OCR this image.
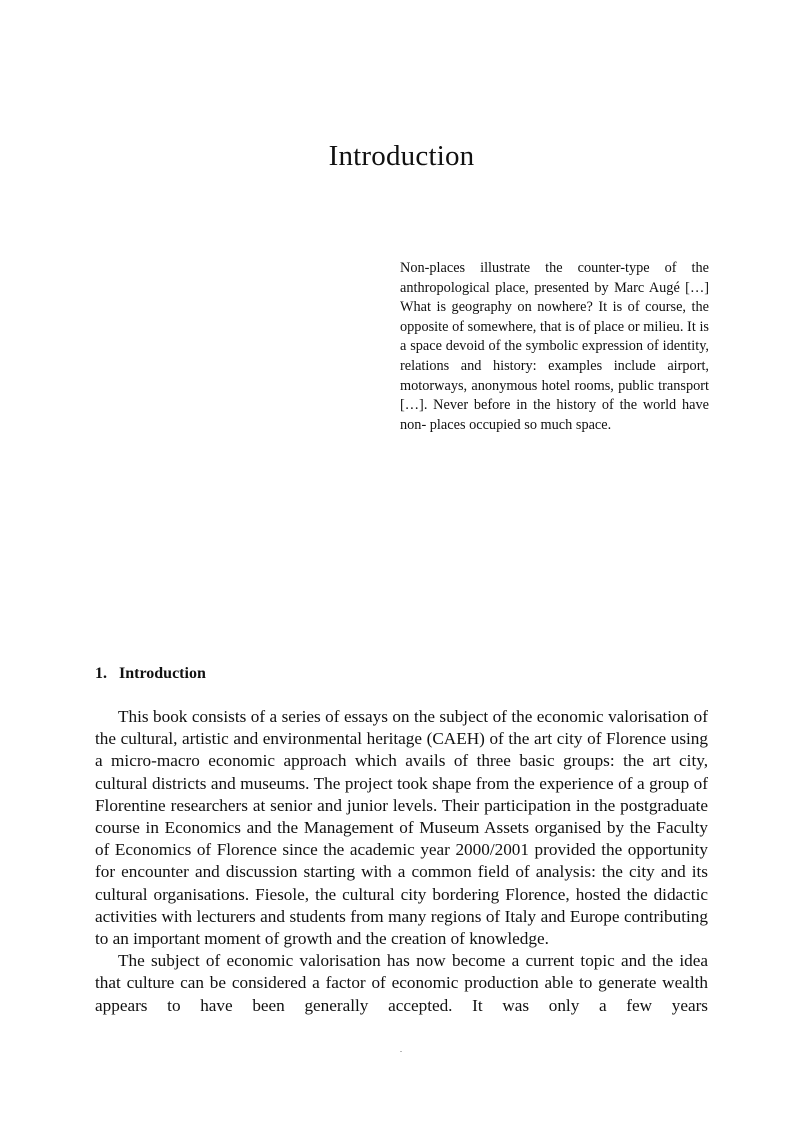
Introduction

Non-places illustrate the counter-type of the anthropological place, presented by Marc Augé […] What is geography on nowhere? It is of course, the opposite of somewhere, that is of place or milieu. It is a space devoid of the symbolic expression of identity, relations and history: examples include airport, motorways, anonymous hotel rooms, public transport […]. Never before in the history of the world have non- places occupied so much space.

1. Introduction

This book consists of a series of essays on the subject of the economic valorisation of the cultural, artistic and environmental heritage (CAEH) of the art city of Florence using a micro-macro economic approach which avails of three basic groups: the art city, cultural districts and museums. The project took shape from the experience of a group of Florentine researchers at senior and junior levels. Their participation in the postgraduate course in Economics and the Management of Museum Assets organised by the Faculty of Economics of Florence since the academic year 2000/2001 provided the opportunity for encounter and discussion starting with a common field of analysis: the city and its cultural organisations. Fiesole, the cultural city bordering Florence, hosted the didactic activities with lecturers and students from many regions of Italy and Europe contributing to an important moment of growth and the creation of knowledge.

The subject of economic valorisation has now become a current topic and the idea that culture can be considered a factor of economic production able to generate wealth appears to have been generally accepted. It was only a few years

.
